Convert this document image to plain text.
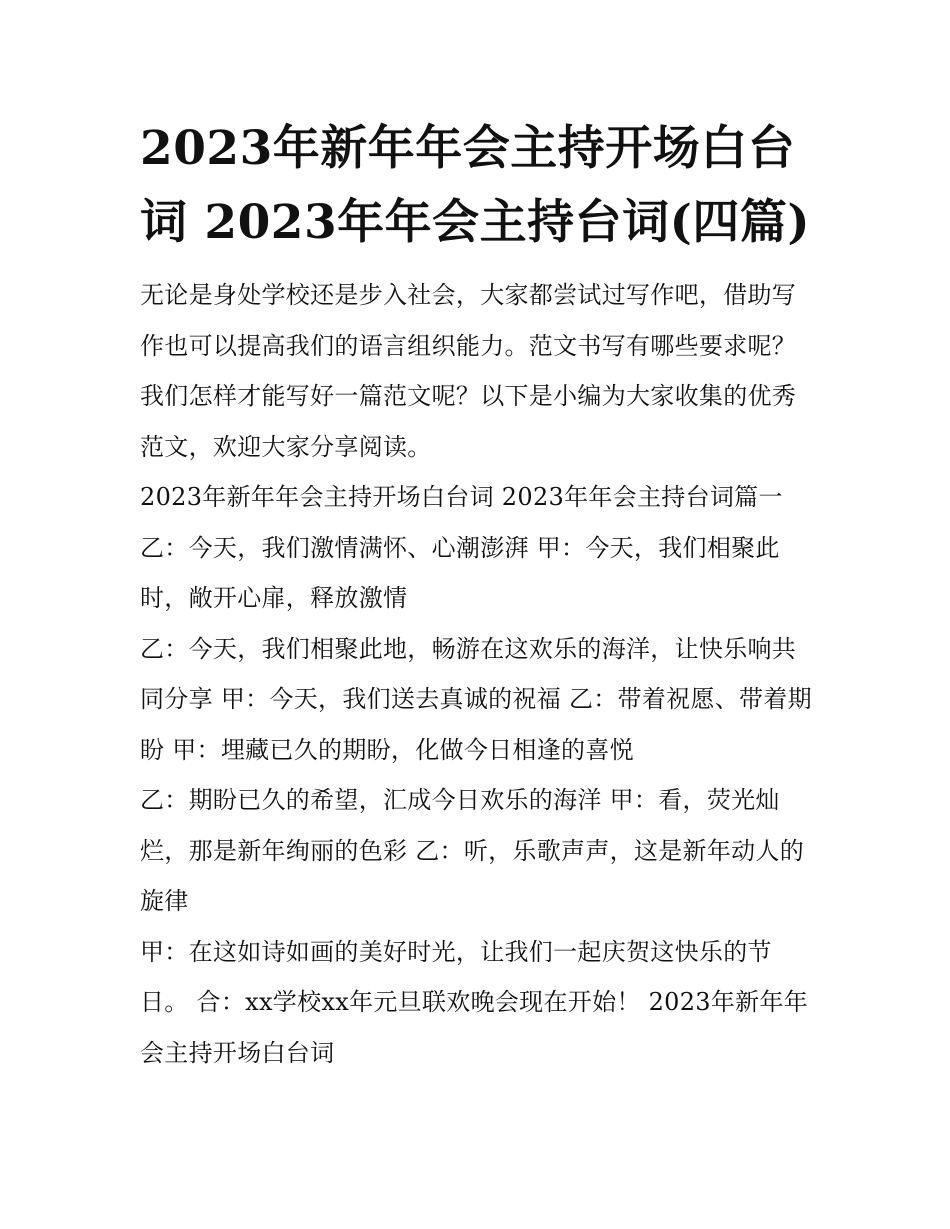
2023年新年年会主持开场白台词 2023年年会主持台词(四篇)

无论是身处学校还是步入社会，大家都尝试过写作吧，借助写作也可以提高我们的语言组织能力。范文书写有哪些要求呢？我们怎样才能写好一篇范文呢？以下是小编为大家收集的优秀范文，欢迎大家分享阅读。

2023年新年年会主持开场白台词 2023年年会主持台词篇一

乙：今天，我们激情满怀、心潮澎湃 甲：今天，我们相聚此时，敞开心扉，释放激情

乙：今天，我们相聚此地，畅游在这欢乐的海洋，让快乐响共同分享 甲：今天，我们送去真诚的祝福 乙：带着祝愿、带着期盼 甲：埋藏已久的期盼，化做今日相逢的喜悦

乙：期盼已久的希望，汇成今日欢乐的海洋 甲：看，荧光灿烂，那是新年绚丽的色彩 乙：听，乐歌声声，这是新年动人的旋律

甲：在这如诗如画的美好时光，让我们一起庆贺这快乐的节日。 合：xx学校xx年元旦联欢晚会现在开始！ 2023年新年年会主持开场白台词
